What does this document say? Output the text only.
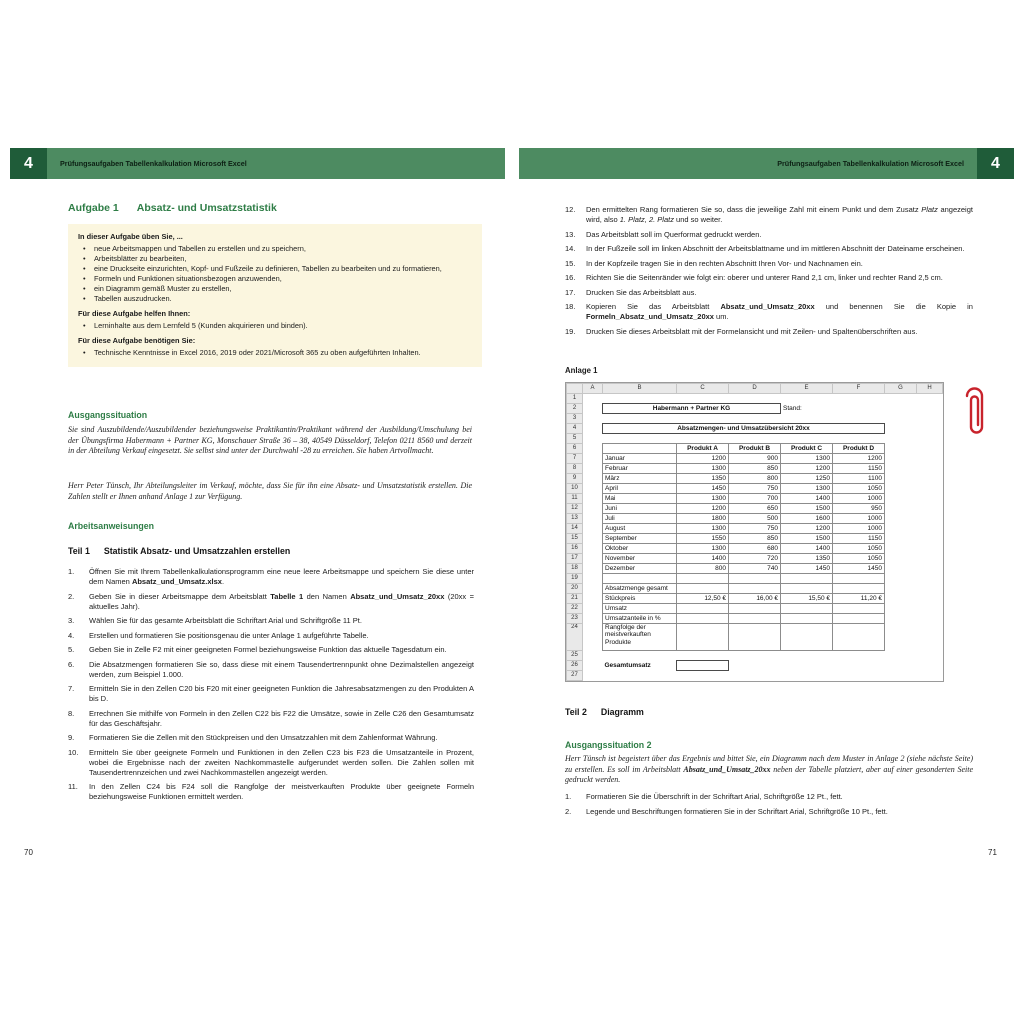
Prüfungsaufgaben Tabellenkalkulation Microsoft Excel	Prüfungsaufgaben Tabellenkalkulation Microsoft Excel
4	4
Aufgabe 1 Absatz- und Umsatzstatistik
In dieser Aufgabe üben Sie, ...
•	neue Arbeitsmappen und Tabellen zu erstellen und zu speichern,
•	Arbeitsblätter zu bearbeiten,
•	eine Druckseite einzurichten, Kopf- und Fußzeile zu definieren, Tabellen zu bearbeiten und zu formatieren,
•	Formeln und Funktionen situationsbezogen anzuwenden,
•	ein Diagramm gemäß Muster zu erstellen,
•	Tabellen auszudrucken.
Für diese Aufgabe helfen Ihnen:
•	Lerninhalte aus dem Lernfeld 5 (Kunden akquirieren und binden).
Für diese Aufgabe benötigen Sie:
•	Technische Kenntnisse in Excel 2016, 2019 oder 2021/Microsoft 365 zu oben aufgeführten Inhalten.
Ausgangssituation
Sie sind Auszubildende/Auszubildender beziehungsweise Praktikantin/Praktikant während der Ausbildung/Umschulung bei der Übungsfirma Habermann + Partner KG, Monschauer Straße 36 – 38, 40549 Düsseldorf, Telefon 0211 8560 und derzeit in der Abteilung Verkauf eingesetzt. Sie selbst sind unter der Durchwahl -28 zu erreichen. Sie haben Artvollmacht.
Herr Peter Tünsch, Ihr Abteilungsleiter im Verkauf, möchte, dass Sie für ihn eine Absatz- und Umsatzstatistik erstellen. Die Zahlen stellt er Ihnen anhand Anlage 1 zur Verfügung.
Arbeitsanweisungen
Teil 1 Statistik Absatz- und Umsatzzahlen erstellen
1.	Öffnen Sie mit Ihrem Tabellenkalkulationsprogramm eine neue leere Arbeitsmappe und speichern Sie diese unter dem Namen Absatz_und_Umsatz.xlsx.
2.	Geben Sie in dieser Arbeitsmappe dem Arbeitsblatt Tabelle 1 den Namen Absatz_und_Umsatz_20xx (20xx = aktuelles Jahr).
3.	Wählen Sie für das gesamte Arbeitsblatt die Schriftart Arial und Schriftgröße 11 Pt.
4.	Erstellen und formatieren Sie positionsgenau die unter Anlage 1 aufgeführte Tabelle.
5.	Geben Sie in Zelle F2 mit einer geeigneten Formel beziehungsweise Funktion das aktuelle Tagesdatum ein.
6.	Die Absatzmengen formatieren Sie so, dass diese mit einem Tausendertrennpunkt ohne Dezimalstellen angezeigt werden, zum Beispiel 1.000.
7.	Ermitteln Sie in den Zellen C20 bis F20 mit einer geeigneten Funktion die Jahresabsatzmengen zu den Produkten A bis D.
8.	Errechnen Sie mithilfe von Formeln in den Zellen C22 bis F22 die Umsätze, sowie in Zelle C26 den Gesamtumsatz für das Geschäftsjahr.
9.	Formatieren Sie die Zellen mit den Stückpreisen und den Umsatzzahlen mit dem Zahlenformat Währung.
10.	Ermitteln Sie über geeignete Formeln und Funktionen in den Zellen C23 bis F23 die Umsatzanteile in Prozent, wobei die Ergebnisse nach der zweiten Nachkommastelle aufgerundet werden sollen. Die Zahlen sollen mit Tausendertrennzeichen und zwei Nachkommastellen angezeigt werden.
11.	In den Zellen C24 bis F24 soll die Rangfolge der meistverkauften Produkte über geeignete Formeln beziehungsweise Funktionen ermittelt werden.
12.	Den ermittelten Rang formatieren Sie so, dass die jeweilige Zahl mit einem Punkt und dem Zusatz Platz angezeigt wird, also 1. Platz, 2. Platz und so weiter.
13.	Das Arbeitsblatt soll im Querformat gedruckt werden.
14.	In der Fußzeile soll im linken Abschnitt der Arbeitsblattname und im mittleren Abschnitt der Dateiname erscheinen.
15.	In der Kopfzeile tragen Sie in den rechten Abschnitt Ihren Vor- und Nachnamen ein.
16.	Richten Sie die Seitenränder wie folgt ein: oberer und unterer Rand 2,1 cm, linker und rechter Rand 2,5 cm.
17.	Drucken Sie das Arbeitsblatt aus.
18.	Kopieren Sie das Arbeitsblatt Absatz_und_Umsatz_20xx und benennen Sie die Kopie in Formeln_Absatz_und_Umsatz_20xx um.
19.	Drucken Sie dieses Arbeitsblatt mit der Formelansicht und mit Zeilen- und Spaltenüberschriften aus.
Anlage 1
	A	B	C	D	E	F	G	H
1								
2		Habermann + Partner KG			Stand:			
3								
4		Absatzmengen- und Umsatzübersicht 20xx						
5								
6			Produkt A	Produkt B	Produkt C	Produkt D		
7		Januar	1200	900	1300	1200		
8		Februar	1300	850	1200	1150		
9		März	1350	800	1250	1100		
10		April	1450	750	1300	1050		
11		Mai	1300	700	1400	1000		
12		Juni	1200	650	1500	950		
13		Juli	1800	500	1600	1000		
14		August	1300	750	1200	1000		
15		September	1550	850	1500	1150		
16		Oktober	1300	680	1400	1050		
17		November	1400	720	1350	1050		
18		Dezember	800	740	1450	1450		
19								
20		Absatzmenge gesamt						
21		Stückpreis	12,50 €	16,00 €	15,50 €	11,20 €		
22		Umsatz						
23		Umsatzanteile in %						
24		Rangfolge der meistverkauften Produkte						
25								
26		Gesamtumsatz						
27								
Teil 2 Diagramm
Ausgangssituation 2
Herr Tünsch ist begeistert über das Ergebnis und bittet Sie, ein Diagramm nach dem Muster in Anlage 2 (siehe nächste Seite) zu erstellen. Es soll im Arbeitsblatt Absatz_und_Umsatz_20xx neben der Tabelle platziert, aber auf einer gesonderten Seite gedruckt werden.
1.	Formatieren Sie die Überschrift in der Schriftart Arial, Schriftgröße 12 Pt., fett.
2.	Legende und Beschriftungen formatieren Sie in der Schriftart Arial, Schriftgröße 10 Pt., fett.
70	71
